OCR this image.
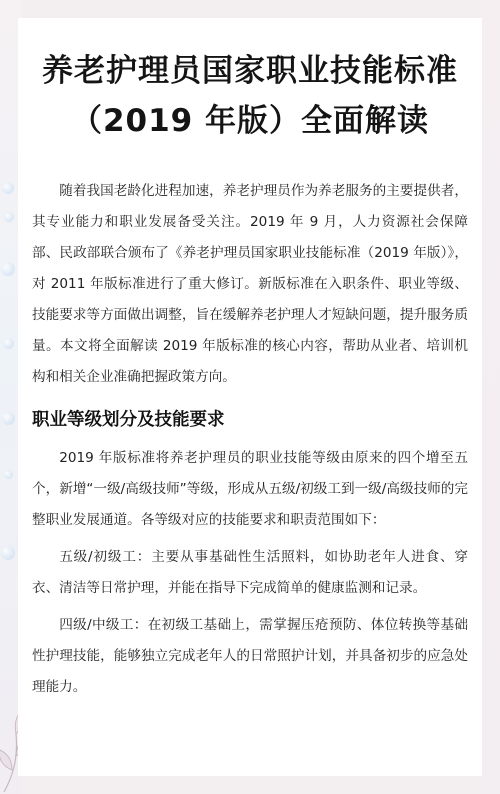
养老护理员国家职业技能标准
（2019 年版）全面解读

随着我国老龄化进程加速，养老护理员作为养老服务的主要提供者，其专业能力和职业发展备受关注。2019 年 9 月，人力资源社会保障部、民政部联合颁布了《养老护理员国家职业技能标准（2019 年版）》，对 2011 年版标准进行了重大修订。新版标准在入职条件、职业等级、技能要求等方面做出调整，旨在缓解养老护理人才短缺问题，提升服务质量。本文将全面解读 2019 年版标准的核心内容，帮助从业者、培训机构和相关企业准确把握政策方向。

职业等级划分及技能要求

2019 年版标准将养老护理员的职业技能等级由原来的四个增至五个，新增“一级/高级技师”等级，形成从五级/初级工到一级/高级技师的完整职业发展通道。各等级对应的技能要求和职责范围如下：

五级/初级工：主要从事基础性生活照料，如协助老年人进食、穿衣、清洁等日常护理，并能在指导下完成简单的健康监测和记录。

四级/中级工：在初级工基础上，需掌握压疮预防、体位转换等基础性护理技能，能够独立完成老年人的日常照护计划，并具备初步的应急处理能力。
